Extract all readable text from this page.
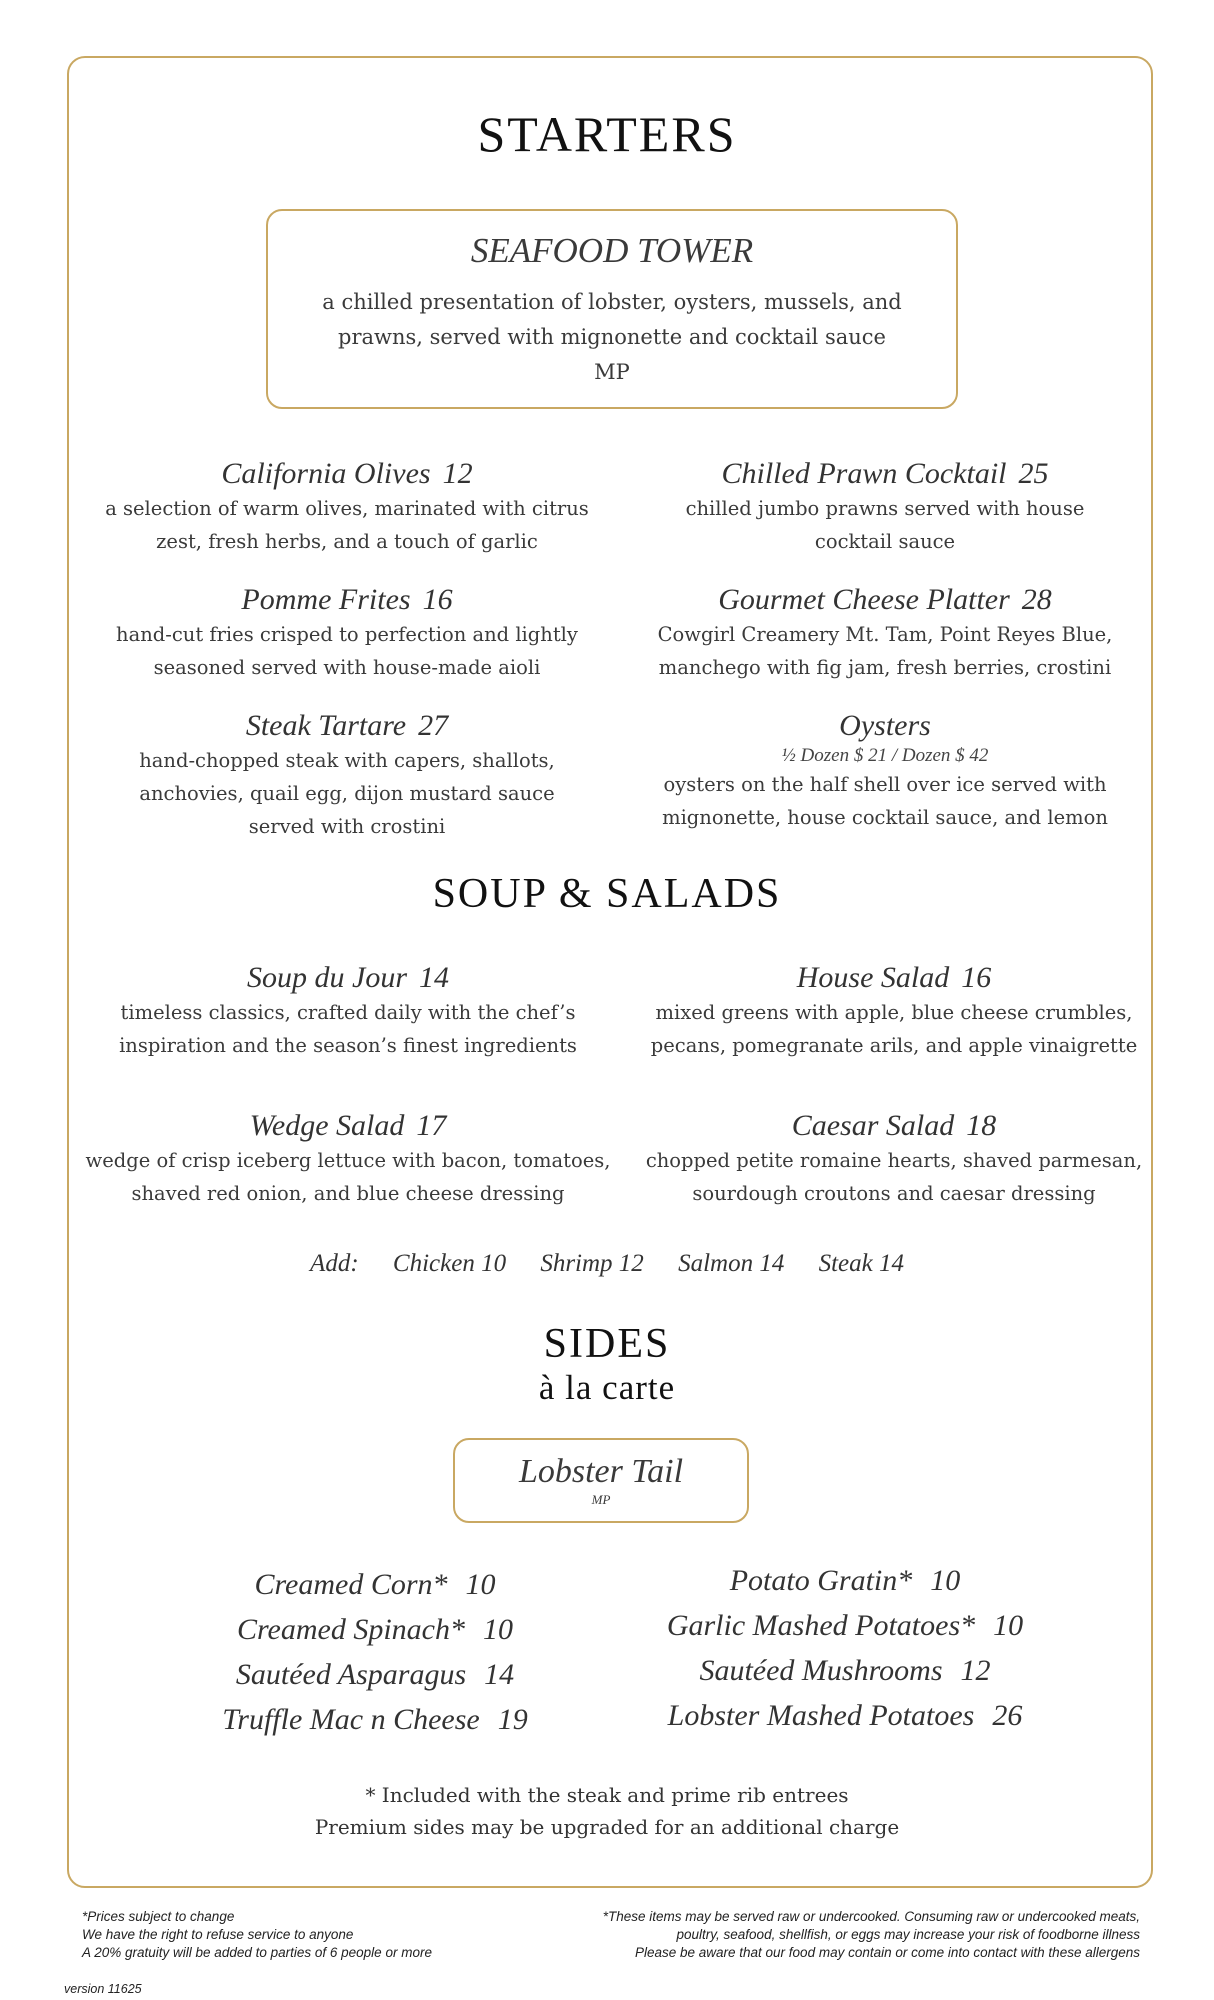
STARTERS
SEAFOOD TOWER
a chilled presentation of lobster, oysters, mussels, and
prawns, served with mignonette and cocktail sauce
MP
California Olives 12
a selection of warm olives, marinated with citrus
zest, fresh herbs, and a touch of garlic
Pomme Frites 16
hand-cut fries crisped to perfection and lightly
seasoned served with house-made aioli
Steak Tartare 27
hand-chopped steak with capers, shallots,
anchovies, quail egg, dijon mustard sauce
served with crostini
Chilled Prawn Cocktail 25
chilled jumbo prawns served with house
cocktail sauce
Gourmet Cheese Platter 28
Cowgirl Creamery Mt. Tam, Point Reyes Blue,
manchego with fig jam, fresh berries, crostini
Oysters
½ Dozen $ 21 / Dozen $ 42
oysters on the half shell over ice served with
mignonette, house cocktail sauce, and lemon
SOUP & SALADS
Soup du Jour 14
timeless classics, crafted daily with the chef’s
inspiration and the season’s finest ingredients
Wedge Salad 17
wedge of crisp iceberg lettuce with bacon, tomatoes,
shaved red onion, and blue cheese dressing
House Salad 16
mixed greens with apple, blue cheese crumbles,
pecans, pomegranate arils, and apple vinaigrette
Caesar Salad 18
chopped petite romaine hearts, shaved parmesan,
sourdough croutons and caesar dressing
Add: Chicken 10 Shrimp 12 Salmon 14 Steak 14
SIDES
à la carte
Lobster Tail
MP
Creamed Corn* 10
Creamed Spinach* 10
Sautéed Asparagus 14
Truffle Mac n Cheese 19
Potato Gratin* 10
Garlic Mashed Potatoes* 10
Sautéed Mushrooms 12
Lobster Mashed Potatoes 26
* Included with the steak and prime rib entrees
Premium sides may be upgraded for an additional charge
*Prices subject to change
We have the right to refuse service to anyone
A 20% gratuity will be added to parties of 6 people or more
*These items may be served raw or undercooked. Consuming raw or undercooked meats,
poultry, seafood, shellfish, or eggs may increase your risk of foodborne illness
Please be aware that our food may contain or come into contact with these allergens
version 11625
